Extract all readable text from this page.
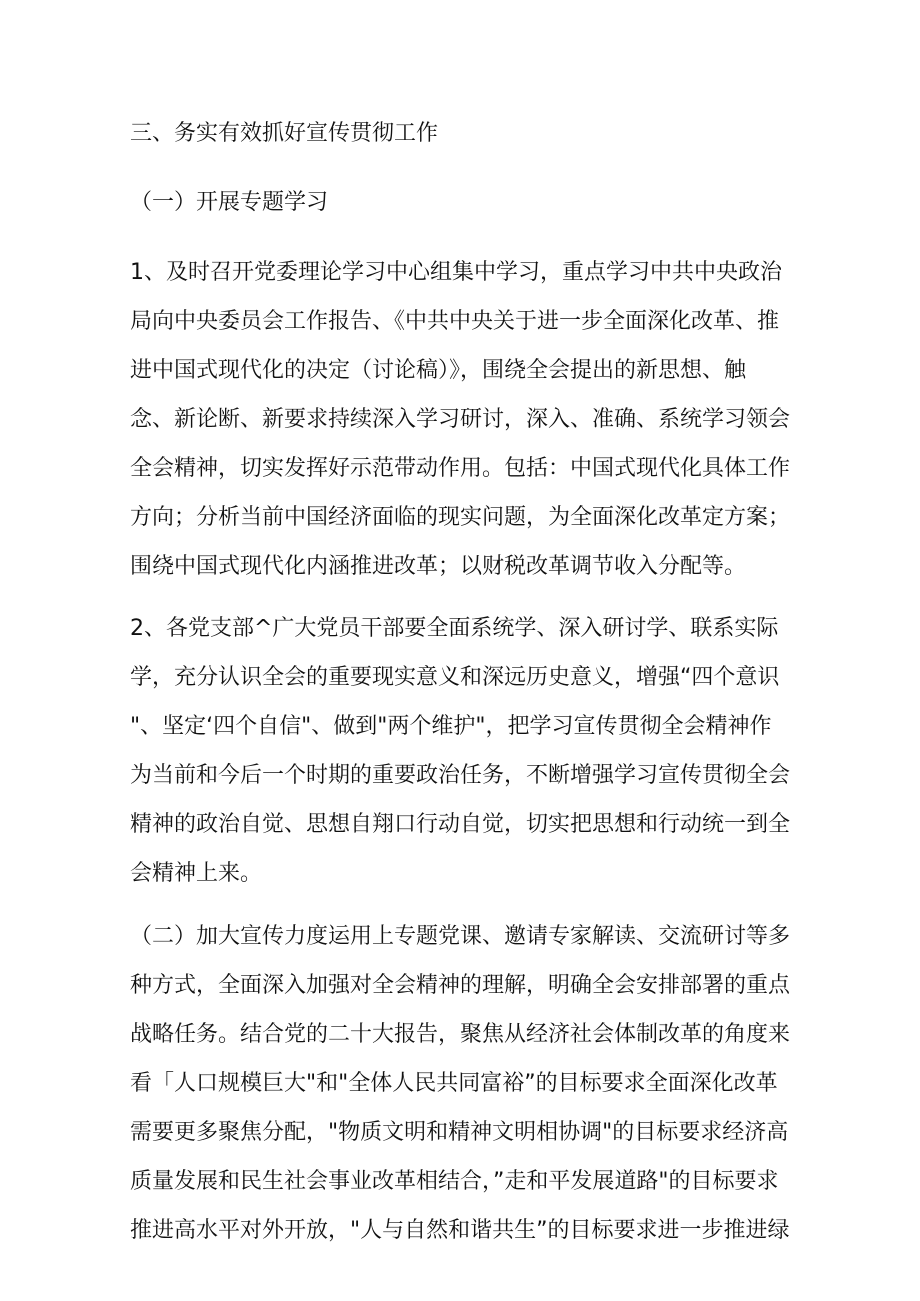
三、务实有效抓好宣传贯彻工作
（一）开展专题学习
1、及时召开党委理论学习中心组集中学习，重点学习中共中央政治
局向中央委员会工作报告、《中共中央关于进一步全面深化改革、推
进中国式现代化的决定（讨论稿）》，围绕全会提出的新思想、触
念、新论断、新要求持续深入学习研讨，深入、准确、系统学习领会
全会精神，切实发挥好示范带动作用。包括：中国式现代化具体工作
方向；分析当前中国经济面临的现实问题，为全面深化改革定方案；
围绕中国式现代化内涵推进改革；以财税改革调节收入分配等。
2、各党支部^广大党员干部要全面系统学、深入研讨学、联系实际
学，充分认识全会的重要现实意义和深远历史意义，增强“四个意识
"、坚定‘四个自信"、做到"两个维护"，把学习宣传贯彻全会精神作
为当前和今后一个时期的重要政治任务，不断增强学习宣传贯彻全会
精神的政治自觉、思想自翔口行动自觉，切实把思想和行动统一到全
会精神上来。
（二）加大宣传力度运用上专题党课、邀请专家解读、交流研讨等多
种方式，全面深入加强对全会精神的理解，明确全会安排部署的重点
战略任务。结合党的二十大报告，聚焦从经济社会体制改革的角度来
看「人口规模巨大"和"全体人民共同富裕”的目标要求全面深化改革
需要更多聚焦分配，"物质文明和精神文明相协调"的目标要求经济高
质量发展和民生社会事业改革相结合，”走和平发展道路"的目标要求
推进高水平对外开放，"人与自然和谐共生”的目标要求进一步推进绿
